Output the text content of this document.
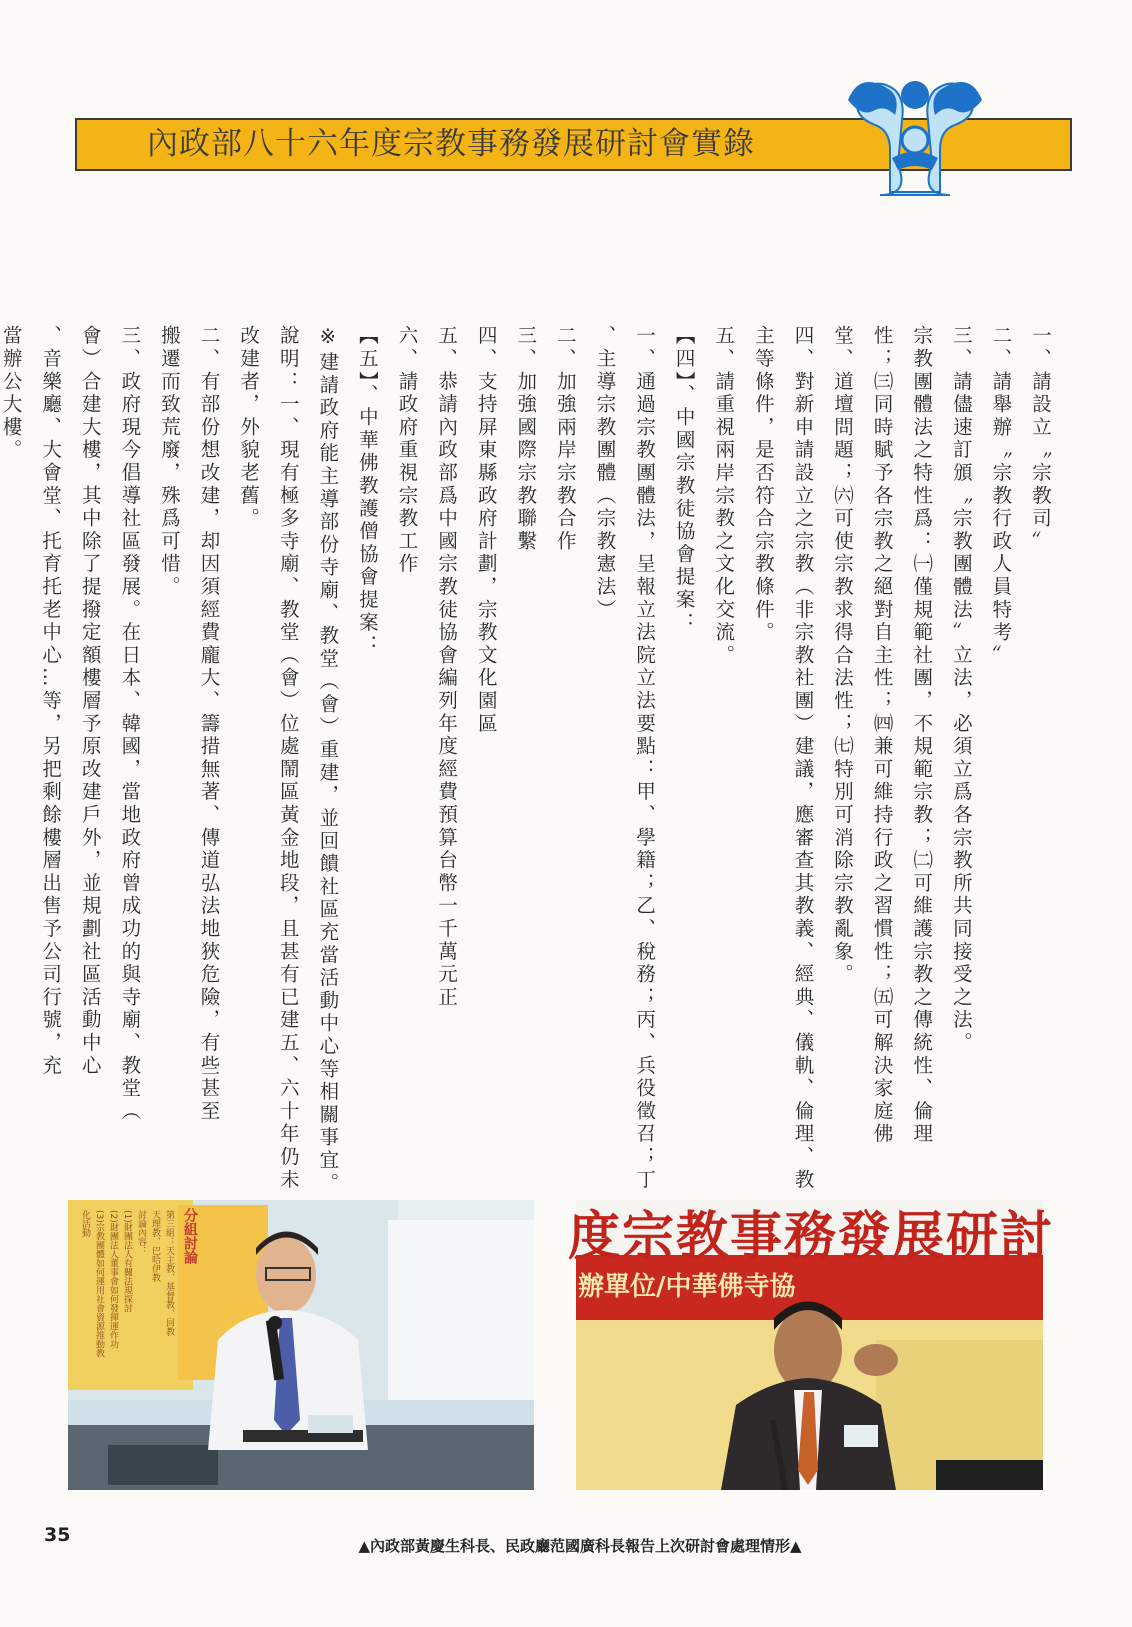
內政部八十六年度宗教事務發展研討會實錄
一、請設立〝宗教司〞
二、請舉辦〝宗教行政人員特考〞
三、請儘速訂頒〝宗教團體法〞立法，必須立爲各宗教所共同接受之法。
宗教團體法之特性爲：㈠僅規範社團，不規範宗教；㈡可維護宗教之傳統性、倫理
性；㈢同時賦予各宗教之絕對自主性；㈣兼可維持行政之習慣性；㈤可解決家庭佛
堂、道壇問題；㈥可使宗教求得合法性；㈦特別可消除宗教亂象。
四、對新申請設立之宗教（非宗教社團）建議，應審查其教義、經典、儀軌、倫理、教
主等條件，是否符合宗教條件。
五、請重視兩岸宗教之文化交流。
【四】、中國宗教徒協會提案：
一、通過宗教團體法，呈報立法院立法要點：甲、學籍；乙、稅務；丙、兵役徵召；丁
、主導宗教團體（宗教憲法）
二、加強兩岸宗教合作
三、加強國際宗教聯繫
四、支持屏東縣政府計劃，宗教文化園區
五、恭請內政部爲中國宗教徒協會編列年度經費預算台幣一千萬元正
六、請政府重視宗教工作
【五】、中華佛教護僧協會提案：
※建請政府能主導部份寺廟、教堂（會）重建，並回饋社區充當活動中心等相關事宜。
說明：一、現有極多寺廟、教堂（會）位處鬧區黃金地段，且甚有已建五、六十年仍未
改建者，外貌老舊。
二、有部份想改建，却因須經費龐大、籌措無著、傳道弘法地狹危險，有些甚至
搬遷而致荒廢，殊爲可惜。
三、政府現今倡導社區發展。在日本、韓國，當地政府曾成功的與寺廟、教堂（
會）合建大樓，其中除了提撥定額樓層予原改建戶外，並規劃社區活動中心
、音樂廳、大會堂、托育托老中心…等，另把剩餘樓層出售予公司行號，充
當辦公大樓。
分組討論
第三組：天主教、基督教、回教
天理教、巴哈伊教
討論內容：
(1)財團法人有關法規探討
(2)財團法人董事會如何發揮運作功
(3)宗教團體如何運用社會資源推動教
化活動	度宗教事務發展研討
辦單位/中華佛寺協
▲內政部黃慶生科長、民政廳范國廣科長報告上次研討會處理情形▲
35
